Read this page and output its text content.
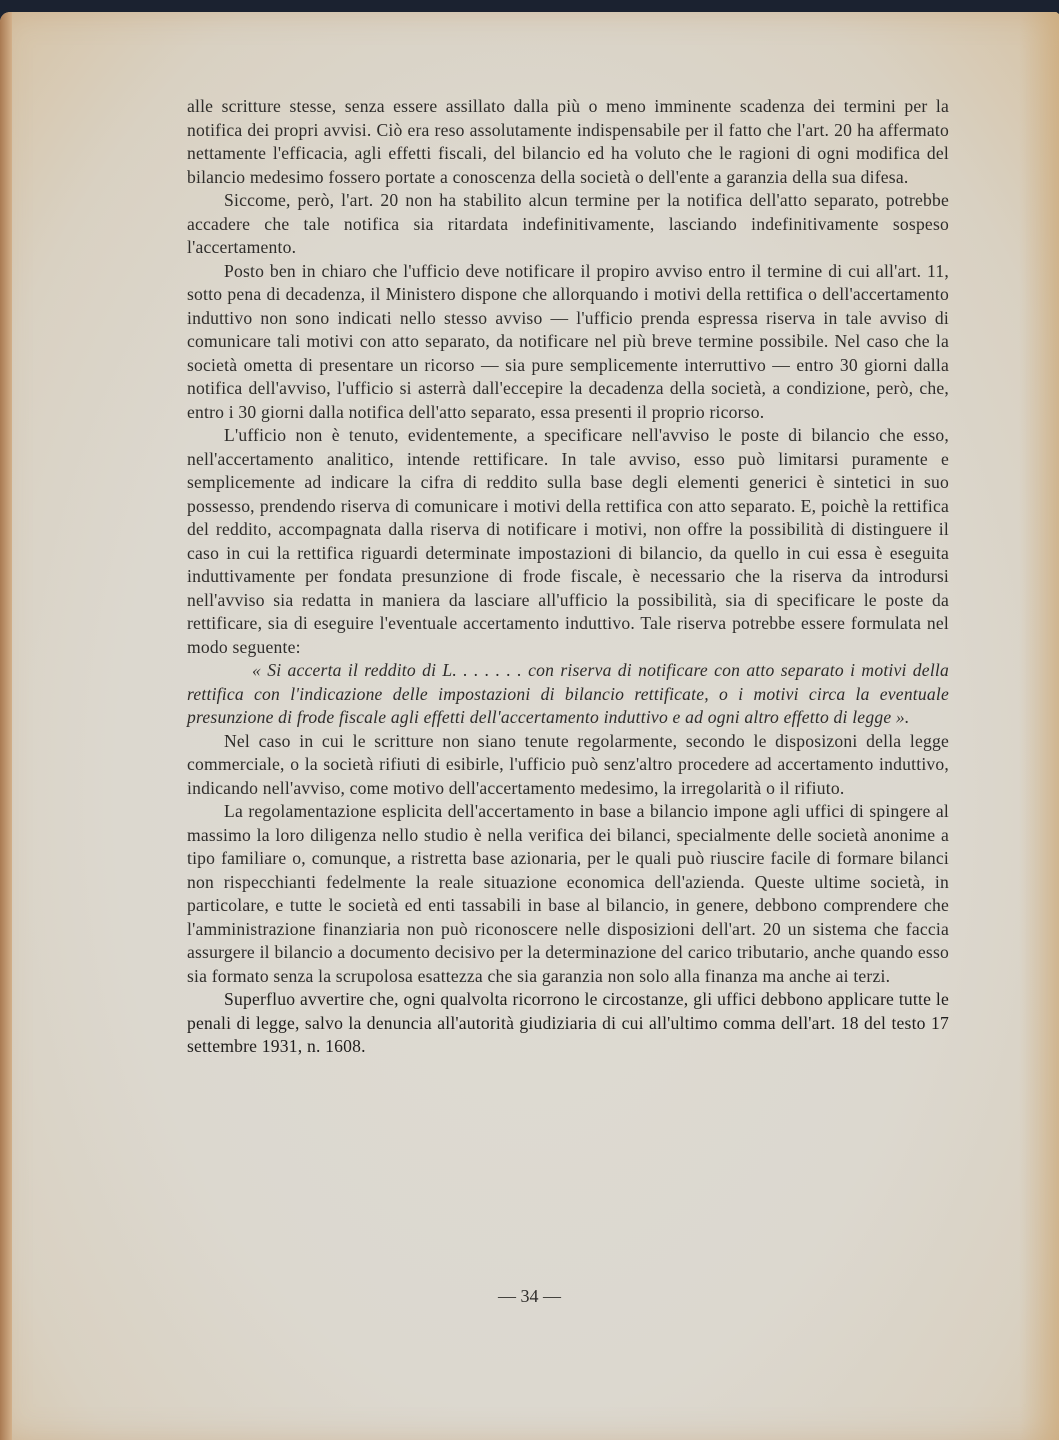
alle scritture stesse, senza essere assillato dalla più o meno imminente scadenza dei termini per la notifica dei propri avvisi. Ciò era reso assolutamente indispensabile per il fatto che l'art. 20 ha affermato nettamente l'efficacia, agli effetti fiscali, del bilancio ed ha voluto che le ragioni di ogni modifica del bilancio medesimo fossero portate a conoscenza della società o dell'ente a garanzia della sua difesa.

Siccome, però, l'art. 20 non ha stabilito alcun termine per la notifica dell'atto separato, potrebbe accadere che tale notifica sia ritardata indefinitivamente, lasciando indefinitivamente sospeso l'accertamento.

Posto ben in chiaro che l'ufficio deve notificare il propiro avviso entro il termine di cui all'art. 11, sotto pena di decadenza, il Ministero dispone che allorquando i motivi della rettifica o dell'accertamento induttivo non sono indicati nello stesso avviso — l'ufficio prenda espressa riserva in tale avviso di comunicare tali motivi con atto separato, da notificare nel più breve termine possibile. Nel caso che la società ometta di presentare un ricorso — sia pure semplicemente interruttivo — entro 30 giorni dalla notifica dell'avviso, l'ufficio si asterrà dall'eccepire la decadenza della società, a condizione, però, che, entro i 30 giorni dalla notifica dell'atto separato, essa presenti il proprio ricorso.

L'ufficio non è tenuto, evidentemente, a specificare nell'avviso le poste di bilancio che esso, nell'accertamento analitico, intende rettificare. In tale avviso, esso può limitarsi puramente e semplicemente ad indicare la cifra di reddito sulla base degli elementi generici è sintetici in suo possesso, prendendo riserva di comunicare i motivi della rettifica con atto separato. E, poichè la rettifica del reddito, accompagnata dalla riserva di notificare i motivi, non offre la possibilità di distinguere il caso in cui la rettifica riguardi determinate impostazioni di bilancio, da quello in cui essa è eseguita induttivamente per fondata presunzione di frode fiscale, è necessario che la riserva da introdursi nell'avviso sia redatta in maniera da lasciare all'ufficio la possibilità, sia di specificare le poste da rettificare, sia di eseguire l'eventuale accertamento induttivo. Tale riserva potrebbe essere formulata nel modo seguente:

« Si accerta il reddito di L. . . . . . . con riserva di notificare con atto separato i motivi della rettifica con l'indicazione delle impostazioni di bilancio rettificate, o i motivi circa la eventuale presunzione di frode fiscale agli effetti dell'accertamento induttivo e ad ogni altro effetto di legge ».

Nel caso in cui le scritture non siano tenute regolarmente, secondo le disposizoni della legge commerciale, o la società rifiuti di esibirle, l'ufficio può senz'altro procedere ad accertamento induttivo, indicando nell'avviso, come motivo dell'accertamento medesimo, la irregolarità o il rifiuto.

La regolamentazione esplicita dell'accertamento in base a bilancio impone agli uffici di spingere al massimo la loro diligenza nello studio è nella verifica dei bilanci, specialmente delle società anonime a tipo familiare o, comunque, a ristretta base azionaria, per le quali può riuscire facile di formare bilanci non rispecchianti fedelmente la reale situazione economica dell'azienda. Queste ultime società, in particolare, e tutte le società ed enti tassabili in base al bilancio, in genere, debbono comprendere che l'amministrazione finanziaria non può riconoscere nelle disposizioni dell'art. 20 un sistema che faccia assurgere il bilancio a documento decisivo per la determinazione del carico tributario, anche quando esso sia formato senza la scrupolosa esattezza che sia garanzia non solo alla finanza ma anche ai terzi.

Superfluo avvertire che, ogni qualvolta ricorrono le circostanze, gli uffici debbono applicare tutte le penali di legge, salvo la denuncia all'autorità giudiziaria di cui all'ultimo comma dell'art. 18 del testo 17 settembre 1931, n. 1608.

— 34 —
